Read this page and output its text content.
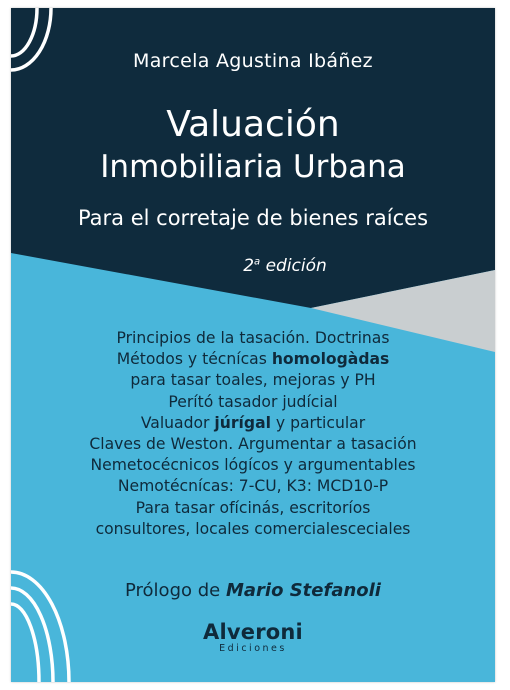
Marcela Agustina Ibáñez
Valuación
Inmobiliaria Urbana
Para el corretaje de bienes raíces
2$^a$ edición
Principios de la tasación. Doctrinas
Métodos y técnícas homologàdas
para tasar toales, mejoras y PH
Perító tasador judícial
Valuador júrígal y particular
Claves de Weston. Argumentar a tasación
Nemetocécnicos lógícos y argumentables
Nemotécnícas: 7-CU, K3: MCD10-P
Para tasar ofícinás, escritoríos
consultores, locales comercialesceciales
Prólogo de Mario Stefanoli
Alveroni
Ediciones
